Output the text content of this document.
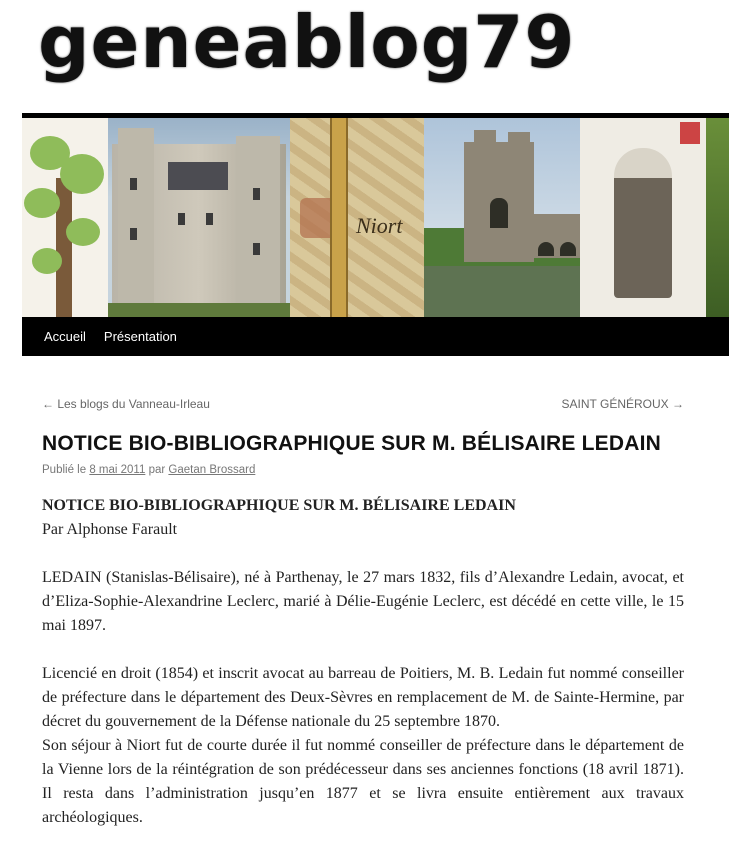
geneablog79
Niort
Accueil Présentation
← Les blogs du Vanneau-Irleau	SAINT GÉNÉROUX →
NOTICE BIO-BIBLIOGRAPHIQUE SUR M. BÉLISAIRE LEDAIN
Publié le 8 mai 2011 par Gaetan Brossard

NOTICE BIO-BIBLIOGRAPHIQUE SUR M. BÉLISAIRE LEDAIN

Par Alphonse Farault

LEDAIN (Stanislas-Bélisaire), né à Parthenay, le 27 mars 1832, fils d’Alexandre Ledain, avocat, et d’Eliza-Sophie-Alexandrine Leclerc, marié à Délie-Eugénie Leclerc, est décédé en cette ville, le 15 mai 1897.

Licencié en droit (1854) et inscrit avocat au barreau de Poitiers, M. B. Ledain fut nommé conseiller de préfecture dans le département des Deux-Sèvres en remplacement de M. de Sainte-Hermine, par décret du gouvernement de la Défense nationale du 25 septembre 1870.

Son séjour à Niort fut de courte durée il fut nommé conseiller de préfecture dans le département de la Vienne lors de la réintégration de son prédécesseur dans ses anciennes fonctions (18 avril 1871). Il resta dans l’administration jusqu’en 1877 et se livra ensuite entièrement aux travaux archéologiques.
